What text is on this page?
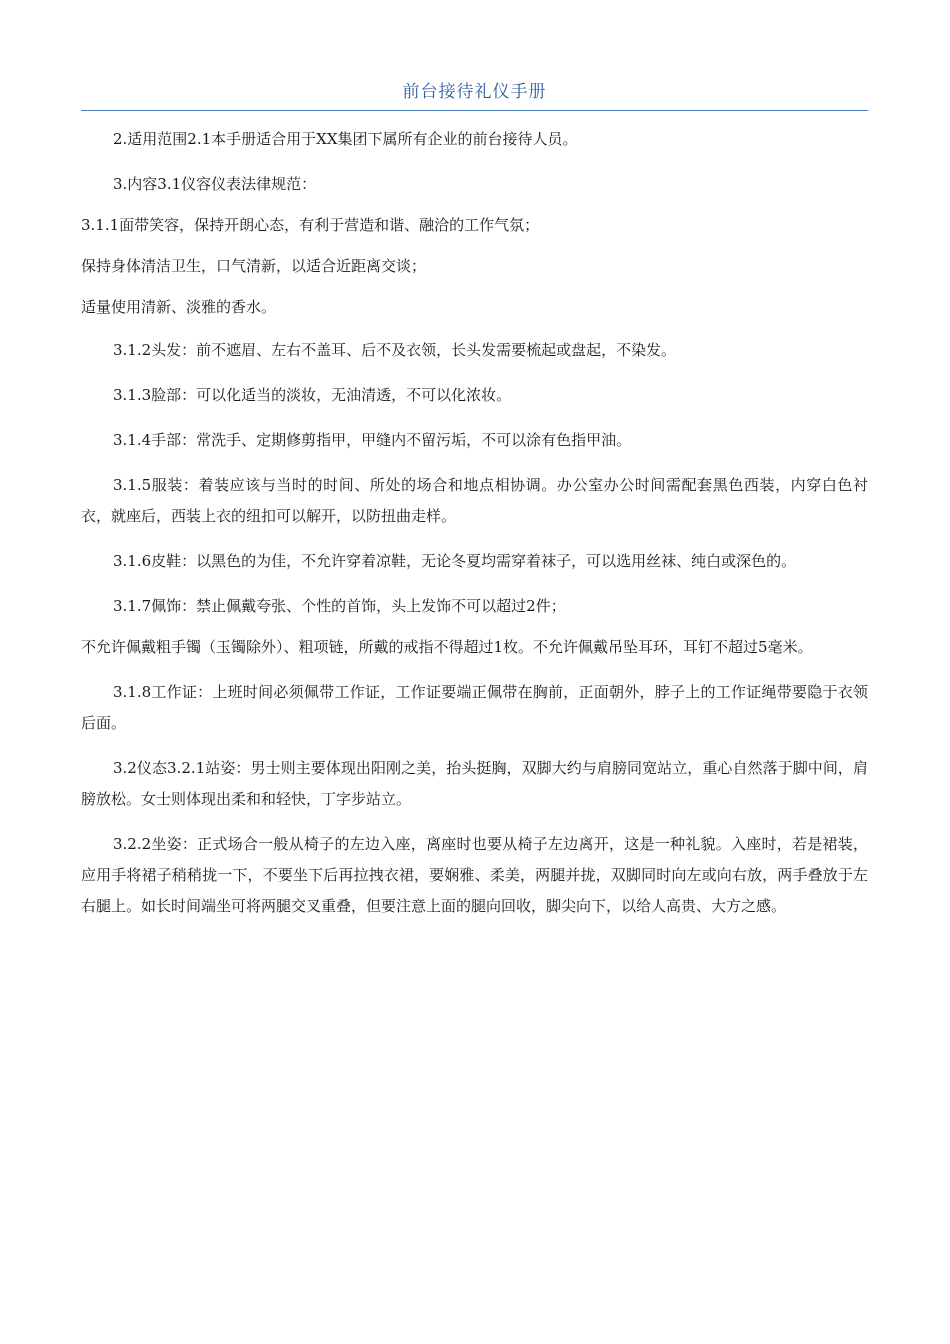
前台接待礼仪手册

2.适用范围2.1本手册适合用于XX集团下属所有企业的前台接待人员。

3.内容3.1仪容仪表法律规范：

3.1.1面带笑容，保持开朗心态，有利于营造和谐、融洽的工作气氛；

保持身体清洁卫生，口气清新，以适合近距离交谈；

适量使用清新、淡雅的香水。

3.1.2头发：前不遮眉、左右不盖耳、后不及衣领，长头发需要梳起或盘起，不染发。

3.1.3脸部：可以化适当的淡妆，无油清透，不可以化浓妆。

3.1.4手部：常洗手、定期修剪指甲，甲缝内不留污垢，不可以涂有色指甲油。

3.1.5服装：着装应该与当时的时间、所处的场合和地点相协调。办公室办公时间需配套黑色西装，内穿白色衬衣，就座后，西装上衣的纽扣可以解开，以防扭曲走样。

3.1.6皮鞋：以黑色的为佳，不允许穿着凉鞋，无论冬夏均需穿着袜子，可以选用丝袜、纯白或深色的。

3.1.7佩饰：禁止佩戴夸张、个性的首饰，头上发饰不可以超过2件；

不允许佩戴粗手镯（玉镯除外）、粗项链，所戴的戒指不得超过1枚。不允许佩戴吊坠耳环，耳钉不超过5毫米。

3.1.8工作证：上班时间必须佩带工作证，工作证要端正佩带在胸前，正面朝外，脖子上的工作证绳带要隐于衣领后面。

3.2仪态3.2.1站姿：男士则主要体现出阳刚之美，抬头挺胸，双脚大约与肩膀同宽站立，重心自然落于脚中间，肩膀放松。女士则体现出柔和和轻快，丁字步站立。

3.2.2坐姿：正式场合一般从椅子的左边入座，离座时也要从椅子左边离开，这是一种礼貌。入座时，若是裙装，应用手将裙子稍稍拢一下，不要坐下后再拉拽衣裙，要娴雅、柔美，两腿并拢，双脚同时向左或向右放，两手叠放于左右腿上。如长时间端坐可将两腿交叉重叠，但要注意上面的腿向回收，脚尖向下，以给人高贵、大方之感。
